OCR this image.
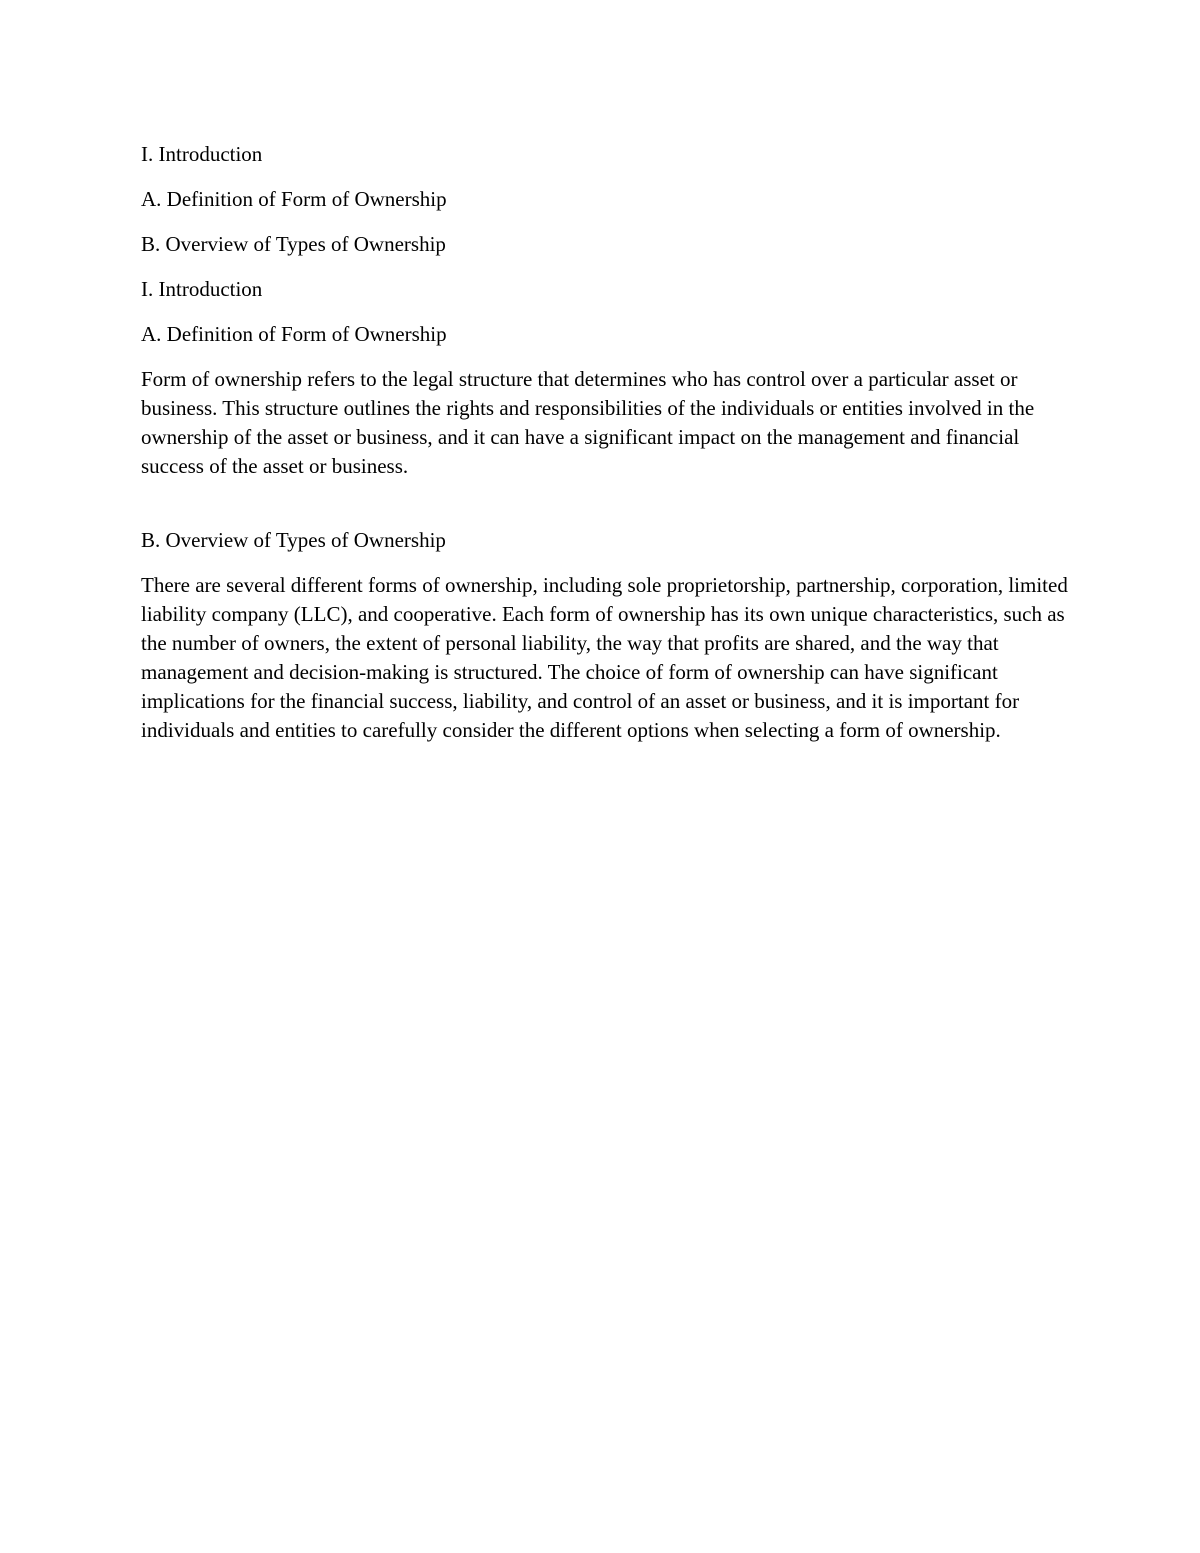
I. Introduction
A. Definition of Form of Ownership
B. Overview of Types of Ownership
I. Introduction
A. Definition of Form of Ownership
Form of ownership refers to the legal structure that determines who has control over a particular asset or business. This structure outlines the rights and responsibilities of the individuals or entities involved in the ownership of the asset or business, and it can have a significant impact on the management and financial success of the asset or business.
B. Overview of Types of Ownership
There are several different forms of ownership, including sole proprietorship, partnership, corporation, limited liability company (LLC), and cooperative. Each form of ownership has its own unique characteristics, such as the number of owners, the extent of personal liability, the way that profits are shared, and the way that management and decision-making is structured. The choice of form of ownership can have significant implications for the financial success, liability, and control of an asset or business, and it is important for individuals and entities to carefully consider the different options when selecting a form of ownership.
